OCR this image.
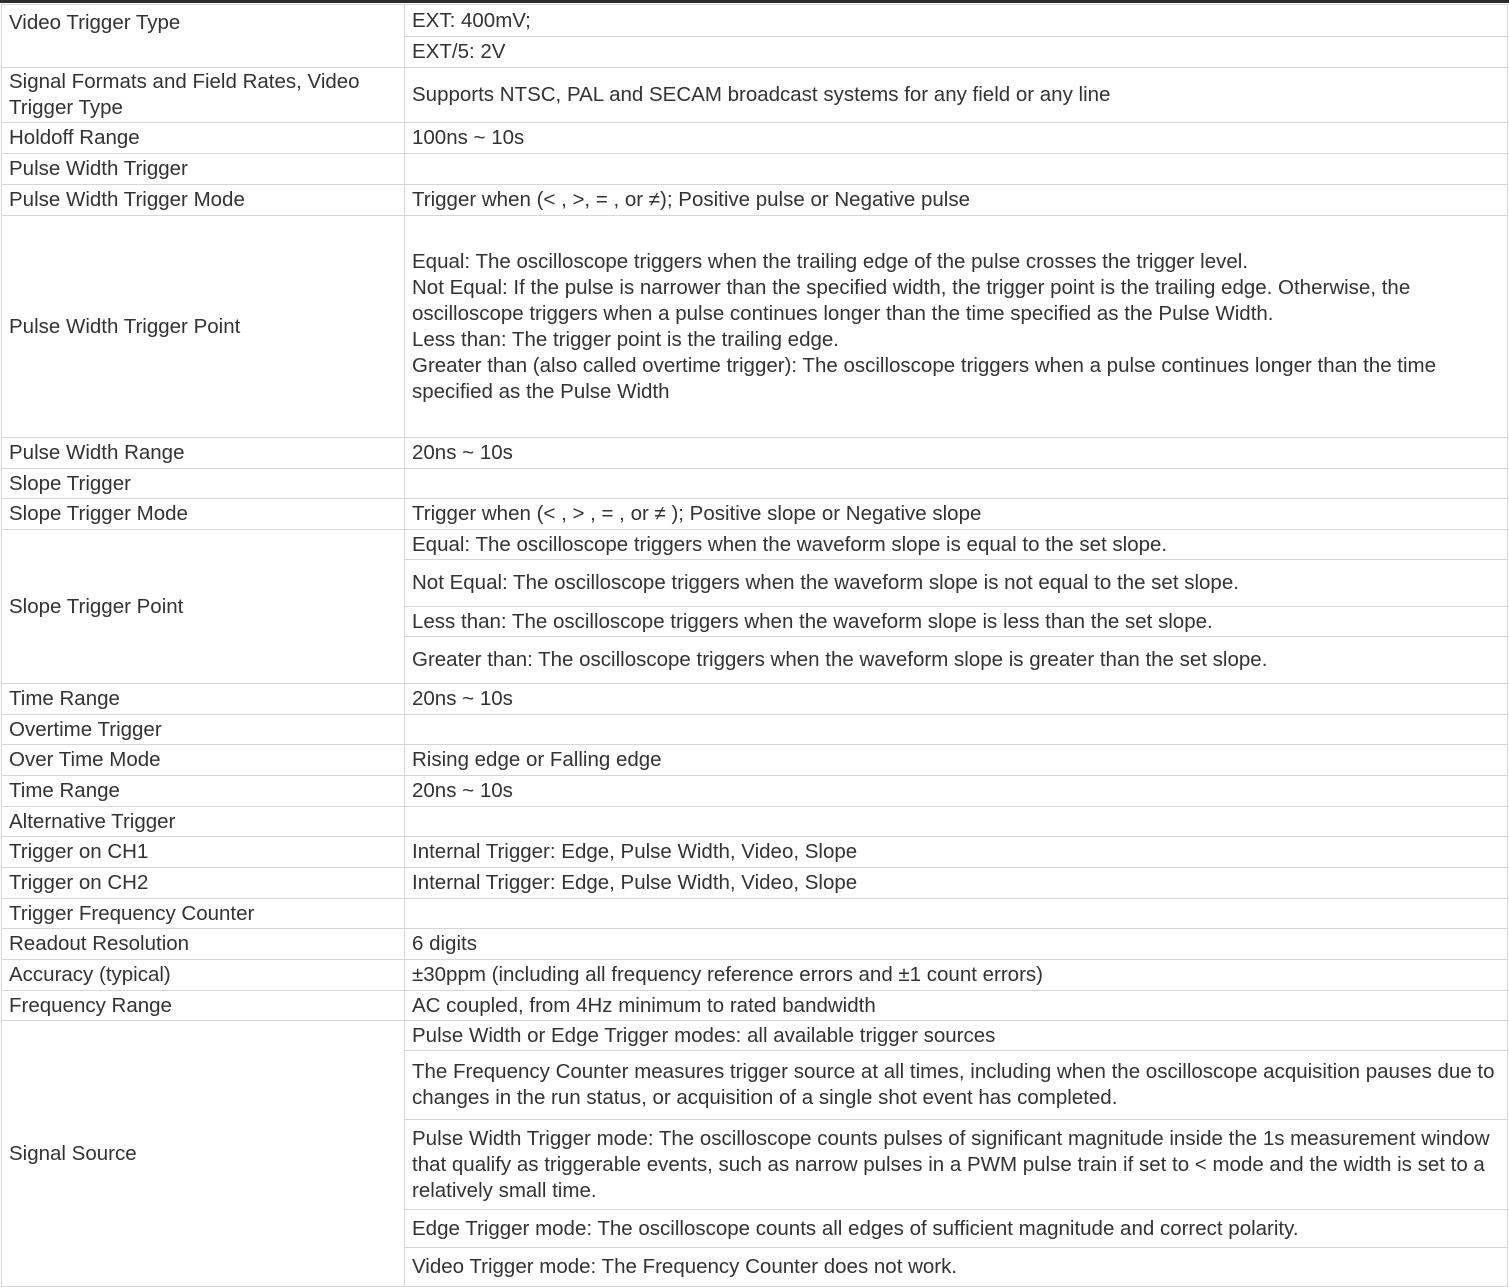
Video Trigger Type	EXT: 400mV;
	EXT/5: 2V
Signal Formats and Field Rates, Video Trigger Type	Supports NTSC, PAL and SECAM broadcast systems for any field or any line
Holdoff Range	100ns ~ 10s
Pulse Width Trigger	
Pulse Width Trigger Mode	Trigger when (< , >, = , or ≠); Positive pulse or Negative pulse
Pulse Width Trigger Point	Equal: The oscilloscope triggers when the trailing edge of the pulse crosses the trigger level.

Not Equal: If the pulse is narrower than the specified width, the trigger point is the trailing edge. Otherwise, the oscilloscope triggers when a pulse continues longer than the time specified as the Pulse Width.

Less than: The trigger point is the trailing edge.

Greater than (also called overtime trigger): The oscilloscope triggers when a pulse continues longer than the time specified as the Pulse Width

Pulse Width Range	20ns ~ 10s
Slope Trigger	
Slope Trigger Mode	Trigger when (< , > , = , or ≠ ); Positive slope or Negative slope
Slope Trigger Point	Equal: The oscilloscope triggers when the waveform slope is equal to the set slope.
	Not Equal: The oscilloscope triggers when the waveform slope is not equal to the set slope.
	Less than: The oscilloscope triggers when the waveform slope is less than the set slope.
	Greater than: The oscilloscope triggers when the waveform slope is greater than the set slope.
Time Range	20ns ~ 10s
Overtime Trigger	
Over Time Mode	Rising edge or Falling edge
Time Range	20ns ~ 10s
Alternative Trigger	
Trigger on CH1	Internal Trigger: Edge, Pulse Width, Video, Slope
Trigger on CH2	Internal Trigger: Edge, Pulse Width, Video, Slope
Trigger Frequency Counter	
Readout Resolution	6 digits
Accuracy (typical)	±30ppm (including all frequency reference errors and ±1 count errors)
Frequency Range	AC coupled, from 4Hz minimum to rated bandwidth
Signal Source	Pulse Width or Edge Trigger modes: all available trigger sources
	The Frequency Counter measures trigger source at all times, including when the oscilloscope acquisition pauses due to changes in the run status, or acquisition of a single shot event has completed.
	Pulse Width Trigger mode: The oscilloscope counts pulses of significant magnitude inside the 1s measurement window that qualify as triggerable events, such as narrow pulses in a PWM pulse train if set to < mode and the width is set to a relatively small time.
	Edge Trigger mode: The oscilloscope counts all edges of sufficient magnitude and correct polarity.
	Video Trigger mode: The Frequency Counter does not work.
